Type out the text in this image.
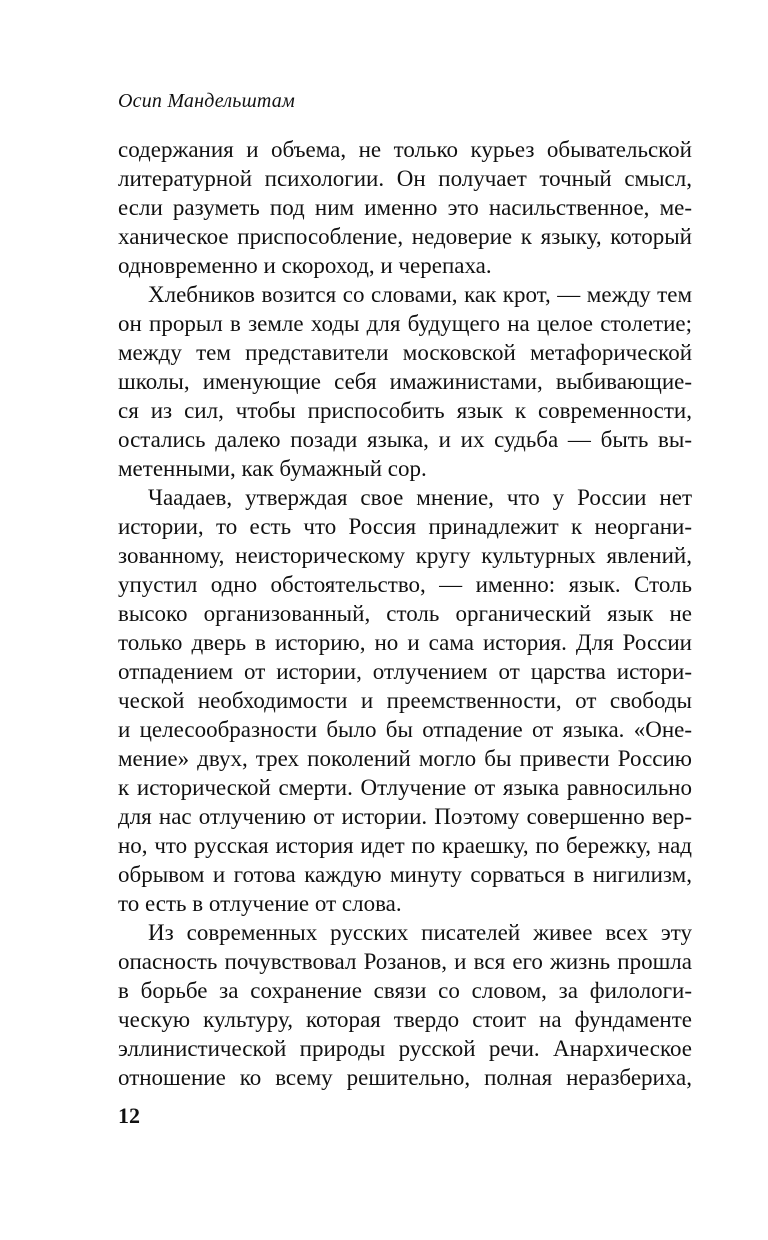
Осип Мандельштам

содержания и объема, не только курьез обывательской
литературной психологии. Он получает точный смысл,
если разуметь под ним именно это насильственное, ме-
ханическое приспособление, недоверие к языку, который
одновременно и скороход, и черепаха.

Хлебников возится со словами, как крот, — между тем
он прорыл в земле ходы для будущего на целое столетие;
между тем представители московской метафорической
школы, именующие себя имажинистами, выбивающие-
ся из сил, чтобы приспособить язык к современности,
остались далеко позади языка, и их судьба — быть вы-
метенными, как бумажный сор.

Чаадаев, утверждая свое мнение, что у России нет
истории, то есть что Россия принадлежит к неоргани-
зованному, неисторическому кругу культурных явлений,
упустил одно обстоятельство, — именно: язык. Столь
высоко организованный, столь органический язык не
только дверь в историю, но и сама история. Для России
отпадением от истории, отлучением от царства истори-
ческой необходимости и преемственности, от свободы
и целесообразности было бы отпадение от языка. «Оне-
мение» двух, трех поколений могло бы привести Россию
к исторической смерти. Отлучение от языка равносильно
для нас отлучению от истории. Поэтому совершенно вер-
но, что русская история идет по краешку, по бережку, над
обрывом и готова каждую минуту сорваться в нигилизм,
то есть в отлучение от слова.

Из современных русских писателей живее всех эту
опасность почувствовал Розанов, и вся его жизнь прошла
в борьбе за сохранение связи со словом, за филологи-
ческую культуру, которая твердо стоит на фундаменте
эллинистической природы русской речи. Анархическое
отношение ко всему решительно, полная неразбериха,

12
